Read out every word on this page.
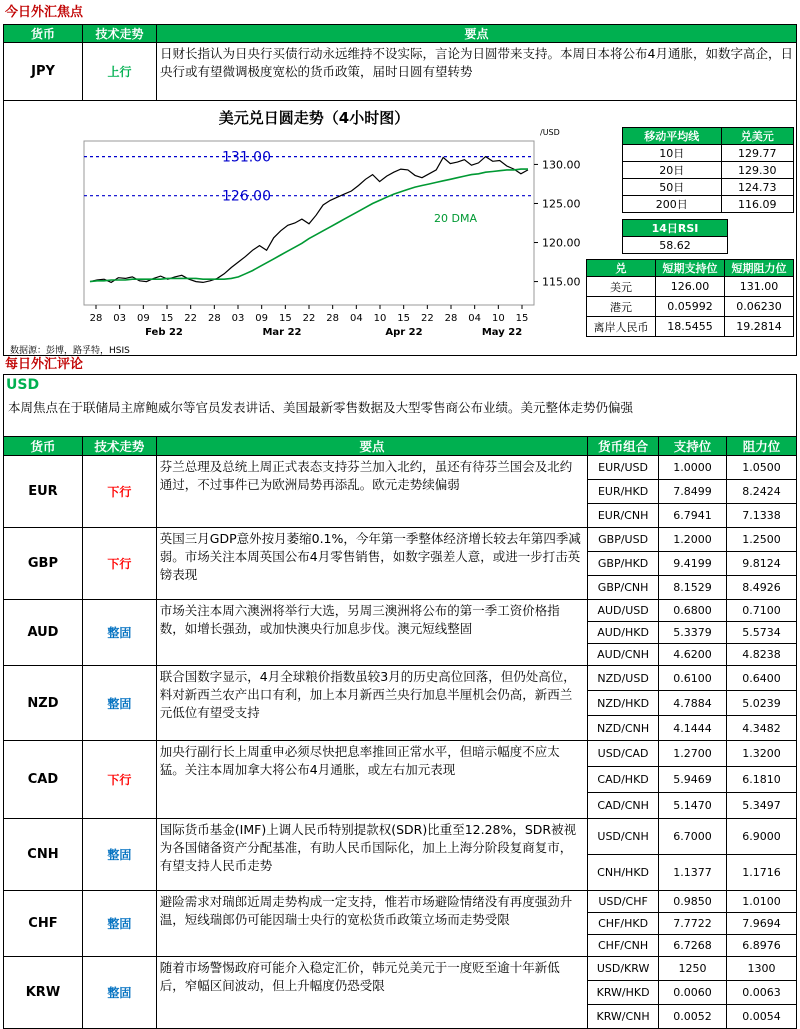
今日外汇焦点
货币	技术走势	要点
JPY	上行	日财长指认为日央行买债行动永远维持不设实际，言论为日圆带来支持。本周日本将公布4月通胀，如数字高企，日央行或有望微调极度宽松的货币政策，届时日圆有望转势
美元兑日圆走势（4小时图）
/USD
130.00
125.00
120.00
115.00
28 03 09 15 22 28 03 09 15 22 28 04 10 15 22 28 04 10 15
Feb 22	Mar 22	Apr 22	May 22
131.00
126.00
20 DMA
数据源：彭博，路孚特，HSIS
移动平均线	兑美元
10日	129.77
20日	129.30
50日	124.73
200日	116.09
14日RSI
58.62
兑	短期支持位	短期阻力位
美元	126.00	131.00
港元	0.05992	0.06230
离岸人民币	18.5455	19.2814
每日外汇评论
USD
本周焦点在于联储局主席鲍威尔等官员发表讲话、美国最新零售数据及大型零售商公布业绩。美元整体走势仍偏强
货币	技术走势	要点	货币组合	支持位	阻力位
EUR	下行	芬兰总理及总统上周正式表态支持芬兰加入北约，虽还有待芬兰国会及北约通过，不过事件已为欧洲局势再添乱。欧元走势续偏弱	EUR/USD	1.0000	1.0500
			EUR/HKD	7.8499	8.2424
			EUR/CNH	6.7941	7.1338
GBP	下行	英国三月GDP意外按月萎缩0.1%，今年第一季整体经济增长较去年第四季减弱。市场关注本周英国公布4月零售销售，如数字强差人意，或进一步打击英镑表现	GBP/USD	1.2000	1.2500
			GBP/HKD	9.4199	9.8124
			GBP/CNH	8.1529	8.4926
AUD	整固	市场关注本周六澳洲将举行大选，另周三澳洲将公布的第一季工资价格指数，如增长强劲，或加快澳央行加息步伐。澳元短线整固	AUD/USD	0.6800	0.7100
			AUD/HKD	5.3379	5.5734
			AUD/CNH	4.6200	4.8238
NZD	整固	联合国数字显示，4月全球粮价指数虽较3月的历史高位回落，但仍处高位，料对新西兰农产出口有利，加上本月新西兰央行加息半厘机会仍高，新西兰元低位有望受支持	NZD/USD	0.6100	0.6400
			NZD/HKD	4.7884	5.0239
			NZD/CNH	4.1444	4.3482
CAD	下行	加央行副行长上周重申必须尽快把息率推回正常水平，但暗示幅度不应太猛。关注本周加拿大将公布4月通胀，或左右加元表现	USD/CAD	1.2700	1.3200
			CAD/HKD	5.9469	6.1810
			CAD/CNH	5.1470	5.3497
CNH	整固	国际货币基金(IMF)上调人民币特别提款权(SDR)比重至12.28%，SDR被视为各国储备资产分配基准，有助人民币国际化，加上上海分阶段复商复市，有望支持人民币走势	USD/CNH	6.7000	6.9000
			CNH/HKD	1.1377	1.1716
CHF	整固	避险需求对瑞郎近周走势构成一定支持，惟若市场避险情绪没有再度强劲升温，短线瑞郎仍可能因瑞士央行的宽松货币政策立场而走势受限	USD/CHF	0.9850	1.0100
			CHF/HKD	7.7722	7.9694
			CHF/CNH	6.7268	6.8976
KRW	整固	随着市场警惕政府可能介入稳定汇价，韩元兑美元于一度贬至逾十年新低后，窄幅区间波动，但上升幅度仍恐受限	USD/KRW	1250	1300
			KRW/HKD	0.0060	0.0063
			KRW/CNH	0.0052	0.0054
